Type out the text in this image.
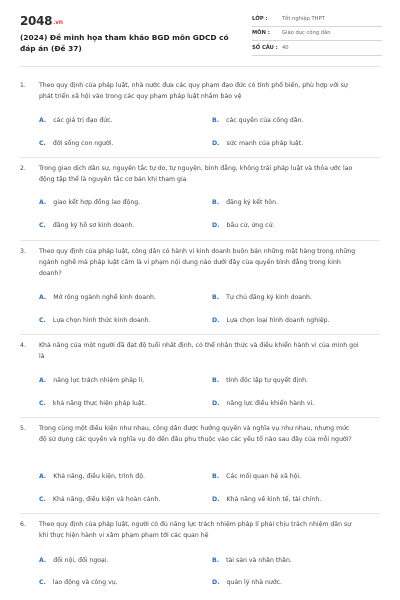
2048.vn
(2024) Đề minh họa tham khảo BGD môn GDCD có đáp án (Đề 37)
LỚP :	Tốt nghiệp THPT
MÔN :	Giáo dục công dân
SỐ CÂU : 40
1.	Theo quy định của pháp luật, nhà nước đưa các quy phạm đạo đức có tính phổ biến, phù hợp với sự phát triển xã hội vào trong các quy phạm pháp luật nhằm bảo vệ
A. các giá trị đạo đức.	B. các quyền của công dân.
C. đời sống con người.	D. sức mạnh của pháp luật.
2.	Trong giao dịch dân sự, nguyên tắc tự do, tự nguyện, bình đẳng, không trái pháp luật và thỏa ước lao động tập thể là nguyên tắc cơ bản khi tham gia
A. giao kết hợp đồng lao động.	B. đăng ký kết hôn.
C. đăng ký hồ sơ kinh doanh.	D. bầu cử, ứng cử.
3.	Theo quy định của pháp luật, công dân có hành vi kinh doanh buôn bán những mặt hàng trong những ngành nghề mà pháp luật cấm là vi phạm nội dung nào dưới đây của quyền bình đẳng trong kinh doanh?
A. Mở rộng ngành nghề kinh doanh.	B. Tự chủ đăng ký kinh doanh.
C. Lựa chọn hình thức kinh doanh.	D. Lựa chọn loại hình doanh nghiệp.
4.	Khả năng của một người đã đạt độ tuổi nhất định, có thể nhận thức và điều khiển hành vi của mình gọi là
A. năng lực trách nhiệm pháp lí.	B. tính độc lập tự quyết định.
C. khả năng thực hiện pháp luật.	D. năng lực điều khiển hành vi.
5.	Trong cùng một điều kiện như nhau, công dân được hưởng quyền và nghĩa vụ như nhau, nhưng mức độ sử dụng các quyền và nghĩa vụ đó đến đâu phụ thuộc vào các yếu tố nào sau đây của mỗi người?
A. Khả năng, điều kiện, trình độ.	B. Các mối quan hệ xã hội.
C. Khả năng, điều kiện và hoàn cảnh.	D. Khả năng về kinh tế, tài chính.
6.	Theo quy định của pháp luật, người có đủ năng lực trách nhiệm pháp lí phải chịu trách nhiệm dân sự khi thực hiện hành vi xâm phạm phạm tới các quan hệ
A. đối nội, đối ngoại.	B. tài sản và nhân thân.
C. lao động và công vụ.	D. quản lý nhà nước.
